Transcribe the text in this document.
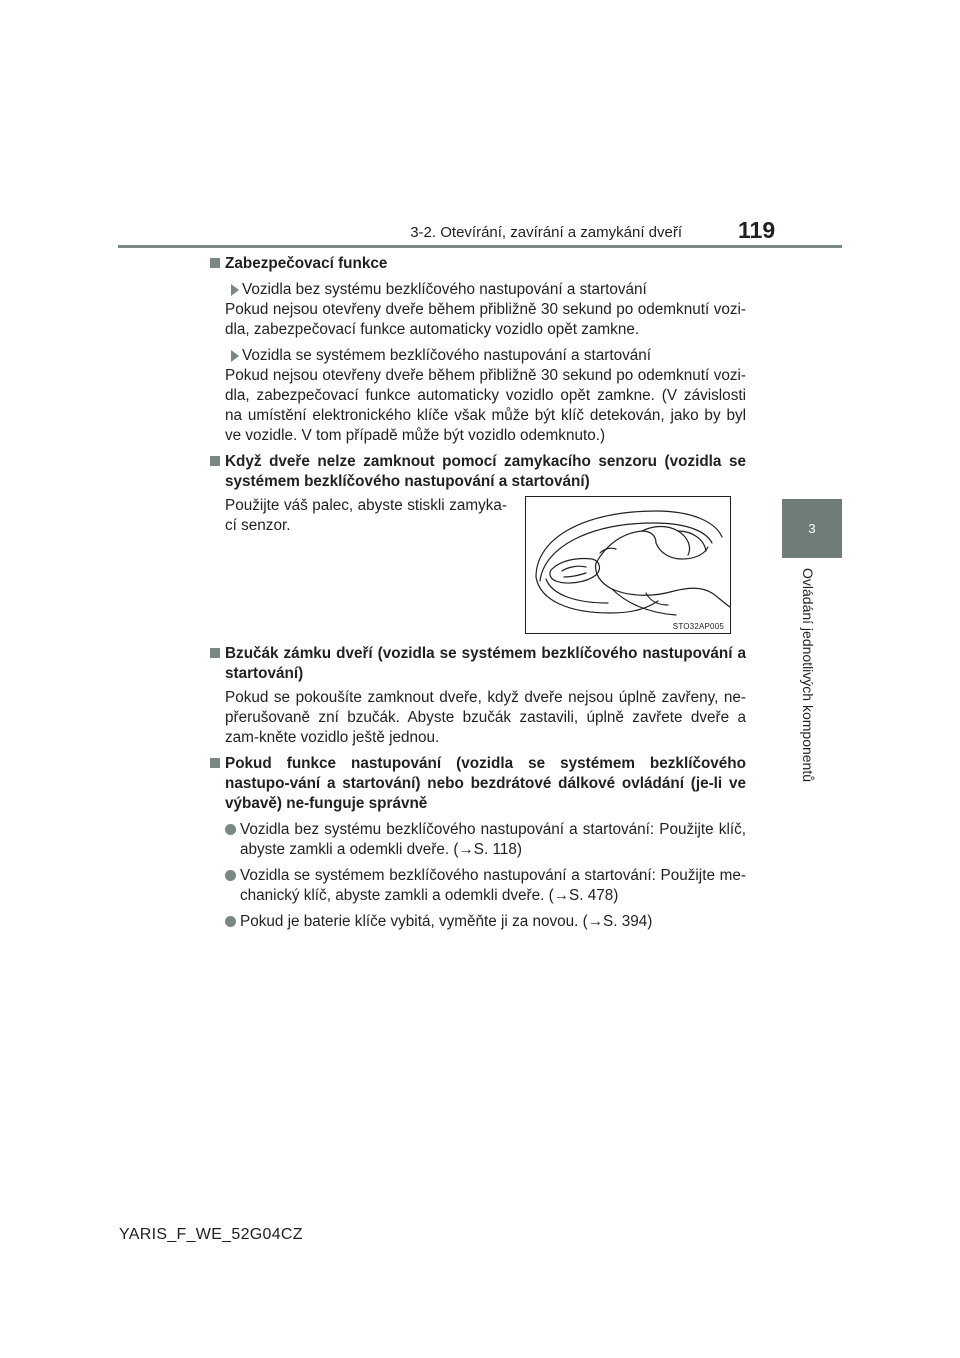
3-2. Otevírání, zavírání a zamykání dveří 119
3
Ovládání jednotlivých komponentů
Zabezpečovací funkce
Vozidla bez systému bezklíčového nastupování a startování
Pokud nejsou otevřeny dveře během přibližně 30 sekund po odemknutí vozi-dla, zabezpečovací funkce automaticky vozidlo opět zamkne.
Vozidla se systémem bezklíčového nastupování a startování
Pokud nejsou otevřeny dveře během přibližně 30 sekund po odemknutí vozi-dla, zabezpečovací funkce automaticky vozidlo opět zamkne. (V závislosti na umístění elektronického klíče však může být klíč detekován, jako by byl ve vozidle. V tom případě může být vozidlo odemknuto.)
Když dveře nelze zamknout pomocí zamykacího senzoru (vozidla se systémem bezklíčového nastupování a startování)
Použijte váš palec, abyste stiskli zamyka-cí senzor.
STO32AP005
Bzučák zámku dveří (vozidla se systémem bezklíčového nastupování a startování)
Pokud se pokoušíte zamknout dveře, když dveře nejsou úplně zavřeny, ne-přerušovaně zní bzučák. Abyste bzučák zastavili, úplně zavřete dveře a zam-kněte vozidlo ještě jednou.
Pokud funkce nastupování (vozidla se systémem bezklíčového nastupo-vání a startování) nebo bezdrátové dálkové ovládání (je-li ve výbavě) ne-funguje správně
Vozidla bez systému bezklíčového nastupování a startování: Použijte klíč, abyste zamkli a odemkli dveře. (→S. 118)
Vozidla se systémem bezklíčového nastupování a startování: Použijte me-chanický klíč, abyste zamkli a odemkli dveře. (→S. 478)
Pokud je baterie klíče vybitá, vyměňte ji za novou. (→S. 394)
YARIS_F_WE_52G04CZ
